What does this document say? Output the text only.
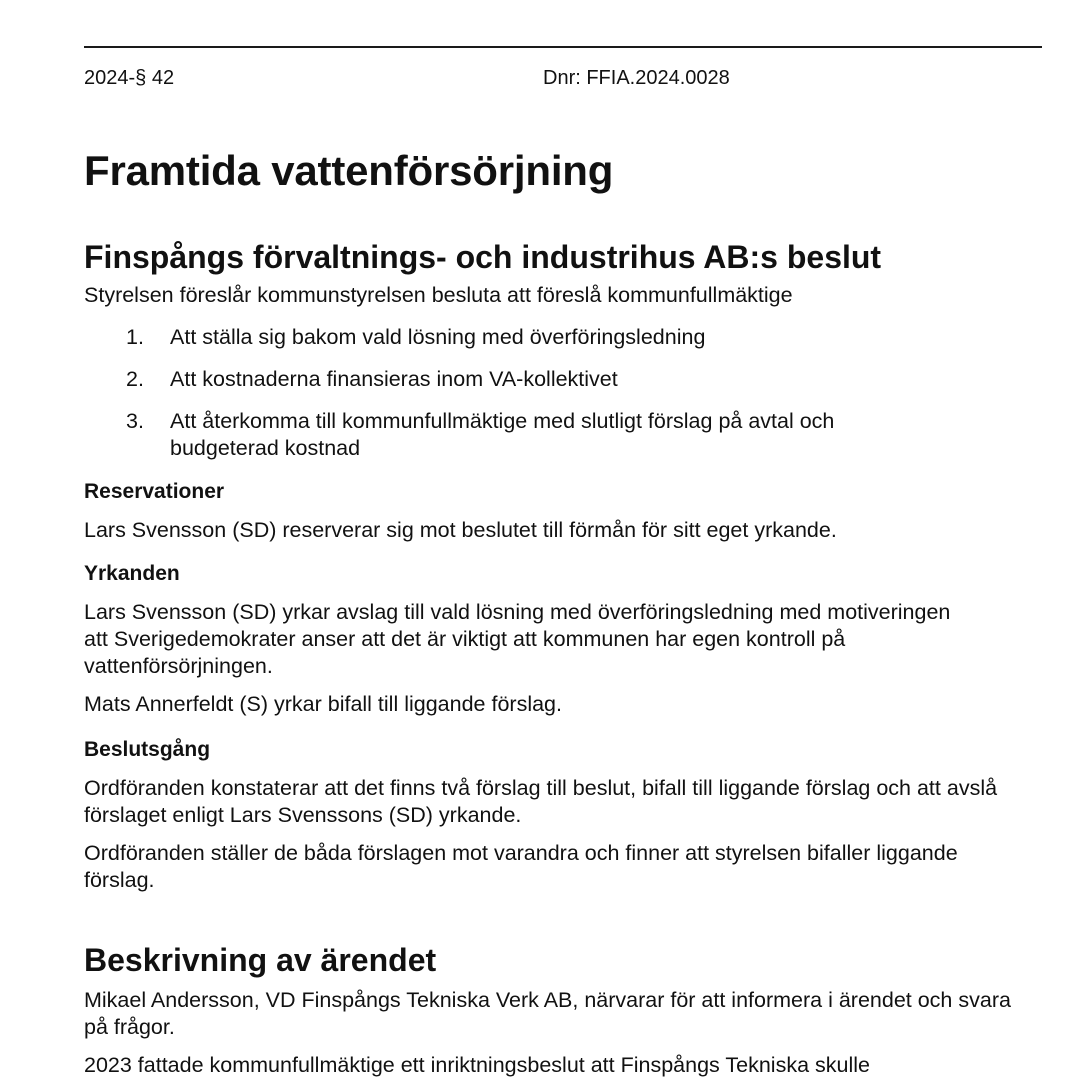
2024-§ 42	Dnr: FFIA.2024.0028
Framtida vattenförsörjning
Finspångs förvaltnings- och industrihus AB:s beslut

Styrelsen föreslår kommunstyrelsen besluta att föreslå kommunfullmäktige

1. Att ställa sig bakom vald lösning med överföringsledning
2. Att kostnaderna finansieras inom VA-kollektivet
3. Att återkomma till kommunfullmäktige med slutligt förslag på avtal och budgeterad kostnad
Reservationer

Lars Svensson (SD) reserverar sig mot beslutet till förmån för sitt eget yrkande.

Yrkanden

Lars Svensson (SD) yrkar avslag till vald lösning med överföringsledning med motiveringen att Sverigedemokrater anser att det är viktigt att kommunen har egen kontroll på vattenförsörjningen.

Mats Annerfeldt (S) yrkar bifall till liggande förslag.

Beslutsgång

Ordföranden konstaterar att det finns två förslag till beslut, bifall till liggande förslag och att avslå förslaget enligt Lars Svenssons (SD) yrkande.

Ordföranden ställer de båda förslagen mot varandra och finner att styrelsen bifaller liggande förslag.

Beskrivning av ärendet

Mikael Andersson, VD Finspångs Tekniska Verk AB, närvarar för att informera i ärendet och svara på frågor.

2023 fattade kommunfullmäktige ett inriktningsbeslut att Finspångs Tekniska skulle
